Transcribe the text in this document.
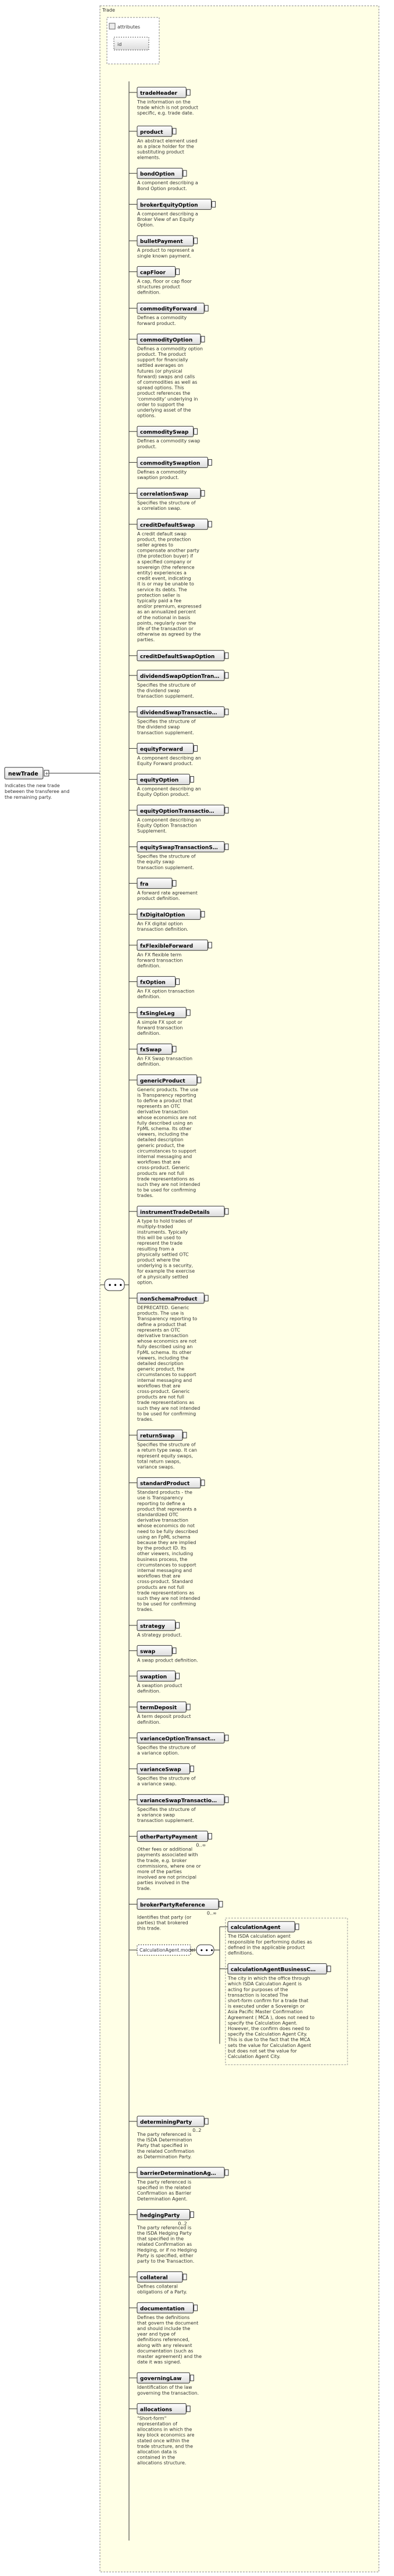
Trade
attributes
id
newTrade +
Indicates the new trade between the transferee and the remaining party.
• • •
tradeHeader
The information on the trade which is not product specific, e.g. trade date.
product
An abstract element used as a place holder for the substituting product elements.
bondOption
A component describing a Bond Option product.
brokerEquityOption
A component describing a Broker View of an Equity Option.
bulletPayment
A product to represent a single known payment.
capFloor
A cap, floor or cap floor structures product definition.
commodityForward
Defines a commodity forward product.
commodityOption
Defines a commodity option product. The product support for financially settled averages on futures (or physical forward) swaps and calls of commodities as well as spread options. This product references the 'commodity' underlying in order to support the underlying asset of the options.
commoditySwap
Defines a commodity swap product.
commoditySwaption
Defines a commodity swaption product.
correlationSwap
Specifies the structure of a correlation swap.
creditDefaultSwap
A credit default swap product, the protection seller agrees to compensate another party (the protection buyer) if a specified company or sovereign (the reference entity) experiences a credit event, indicating it is or may be unable to service its debts. The protection seller is typically paid a fee and/or premium, expressed as an annualized percent of the notional in basis points, regularly over the life of the transaction or otherwise as agreed by the parties.
creditDefaultSwapOption
dividendSwapOptionTran…
Specifies the structure of the dividend swap transaction supplement.
dividendSwapTransactio…
Specifies the structure of the dividend swap transaction supplement.
equityForward
A component describing an Equity Forward product.
equityOption
A component describing an Equity Option product.
equityOptionTransactio…
A component describing an Equity Option Transaction Supplement.
equitySwapTransactionS…
Specifies the structure of the equity swap transaction supplement.
fra
A forward rate agreement product definition.
fxDigitalOption
An FX digital option transaction definition.
fxFlexibleForward
An FX flexible term forward transaction definition.
fxOption
An FX option transaction definition.
fxSingleLeg
A simple FX spot or forward transaction definition.
fxSwap
An FX Swap transaction definition.
genericProduct
Generic products. The use is Transparency reporting to define a product that represents an OTC derivative transaction whose economics are not fully described using an FpML schema. Its other viewers, including the detailed description generic product, the circumstances to support internal messaging and workflows that are cross-product. Generic products are not full trade representations as such they are not intended to be used for confirming trades.
instrumentTradeDetails
A type to hold trades of multiply-traded instruments. Typically this will be used to represent the trade resulting from a physically settled OTC product where the underlying is a security, for example the exercise of a physically settled option.
nonSchemaProduct
DEPRECATED. Generic products. The use is Transparency reporting to define a product that represents an OTC derivative transaction whose economics are not fully described using an FpML schema. Its other viewers, including the detailed description generic product, the circumstances to support internal messaging and workflows that are cross-product. Generic products are not full trade representations as such they are not intended to be used for confirming trades.
returnSwap
Specifies the structure of a return type swap. It can represent equity swaps, total return swaps, variance swaps.
standardProduct
Standard products - the use is Transparency reporting to define a product that represents a standardized OTC derivative transaction whose economics do not need to be fully described using an FpML schema because they are implied by the product ID. Its other viewers, including business process, the circumstances to support internal messaging and workflows that are cross-product. Standard products are not full trade representations as such they are not intended to be used for confirming trades.
strategy
A strategy product.
swap
A swap product definition.
swaption
A swaption product definition.
termDeposit
A term deposit product definition.
varianceOptionTransact…
Specifies the structure of a variance option.
varianceSwap
Specifies the structure of a variance swap.
varianceSwapTransactio…
Specifies the structure of a variance swap transaction supplement.
otherPartyPayment
0..∞
Other fees or additional payments associated with the trade, e.g. broker commissions, where one or more of the parties involved are not principal parties involved in the trade.
brokerPartyReference
0..∞
Identifies that party (or parties) that brokered this trade.
CalculationAgent.model • • •
calculationAgent
The ISDA calculation agent responsible for performing duties as defined in the applicable product definitions.
calculationAgentBusinessC…
The city in which the office through which ISDA Calculation Agent is acting for purposes of the transaction is located The short-form confirm for a trade that is executed under a Sovereign or Asia Pacific Master Confirmation Agreement ( MCA ), does not need to specify the Calculation Agent. However, the confirm does need to specify the Calculation Agent City. This is due to the fact that the MCA sets the value for Calculation Agent but does not set the value for Calculation Agent City.
determiningParty
0..2
The party referenced is the ISDA Determination Party that specified in the related Confirmation as Determination Party.
barrierDeterminationAg…
The party referenced is specified in the related Confirmation as Barrier Determination Agent.
hedgingParty
0..2
The party referenced is the ISDA Hedging Party that specified in the related Confirmation as Hedging, or if no Hedging Party is specified, either party to the Transaction.
collateral
Defines collateral obligations of a Party.
documentation
Defines the definitions that govern the document and should include the year and type of definitions referenced, along with any relevant documentation (such as master agreement) and the date it was signed.
governingLaw
Identification of the law governing the transaction.
allocations
"Short-form" representation of allocations in which the key block economics are stated once within the trade structure, and the allocation data is contained in the allocations structure.
